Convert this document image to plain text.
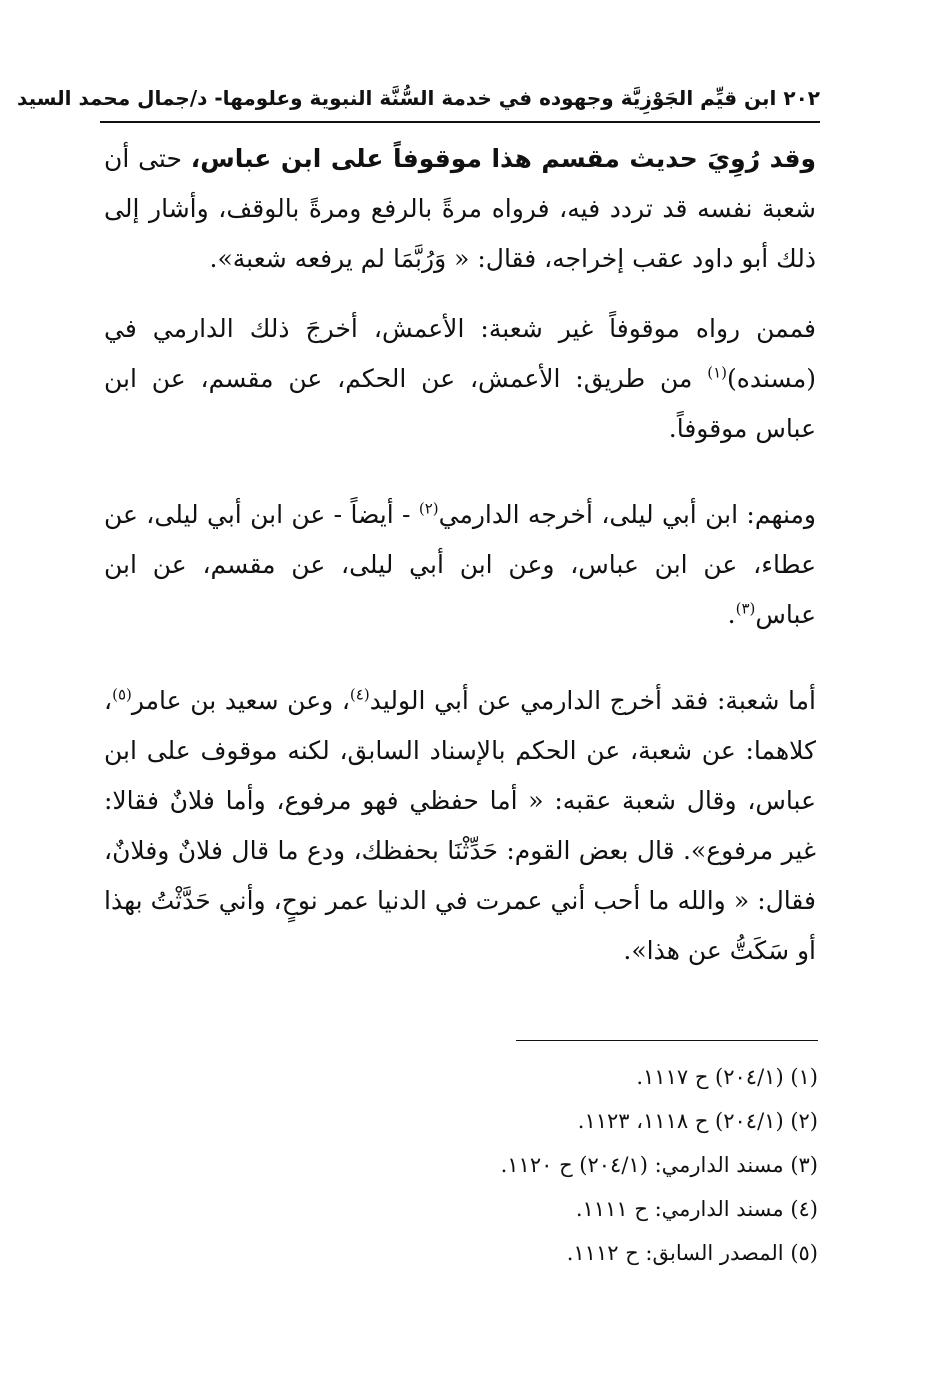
٢٠٢ ابن قيِّم الجَوْزِيَّة وجهوده في خدمة السُّنَّة النبوية وعلومها- د/جمال محمد السيد

وقد رُوِيَ حديث مقسم هذا موقوفاً على ابن عباس، حتى أن شعبة نفسه قد تردد فيه، فرواه مرةً بالرفع ومرةً بالوقف، وأشار إلى ذلك أبو داود عقب إخراجه، فقال: « وَرُبَّمَا لم يرفعه شعبة».

فممن رواه موقوفاً غير شعبة: الأعمش، أخرجَ ذلك الدارمي في (مسنده)$^{(١)}$ من طريق: الأعمش، عن الحكم، عن مقسم، عن ابن عباس موقوفاً.

ومنهم: ابن أبي ليلى، أخرجه الدارمي$^{(٢)}$ - أيضاً - عن ابن أبي ليلى، عن عطاء، عن ابن عباس، وعن ابن أبي ليلى، عن مقسم، عن ابن عباس$^{(٣)}$.

أما شعبة: فقد أخرج الدارمي عن أبي الوليد$^{(٤)}$، وعن سعيد بن عامر$^{(٥)}$، كلاهما: عن شعبة، عن الحكم بالإسناد السابق، لكنه موقوف على ابن عباس، وقال شعبة عقبه: « أما حفظي فهو مرفوع، وأما فلانٌ فقالا: غير مرفوع». قال بعض القوم: حَدِّثْنَا بحفظك، ودع ما قال فلانٌ وفلانٌ، فقال: « والله ما أحب أني عمرت في الدنيا عمر نوحٍ، وأني حَدَّثْتُ بهذا أو سَكَتُّ عن هذا».

(١) (٢٠٤/١) ح ١١١٧.
(٢) (٢٠٤/١) ح ١١١٨، ١١٢٣.
(٣) مسند الدارمي: (٢٠٤/١) ح ١١٢٠.
(٤) مسند الدارمي: ح ١١١١.
(٥) المصدر السابق: ح ١١١٢.
